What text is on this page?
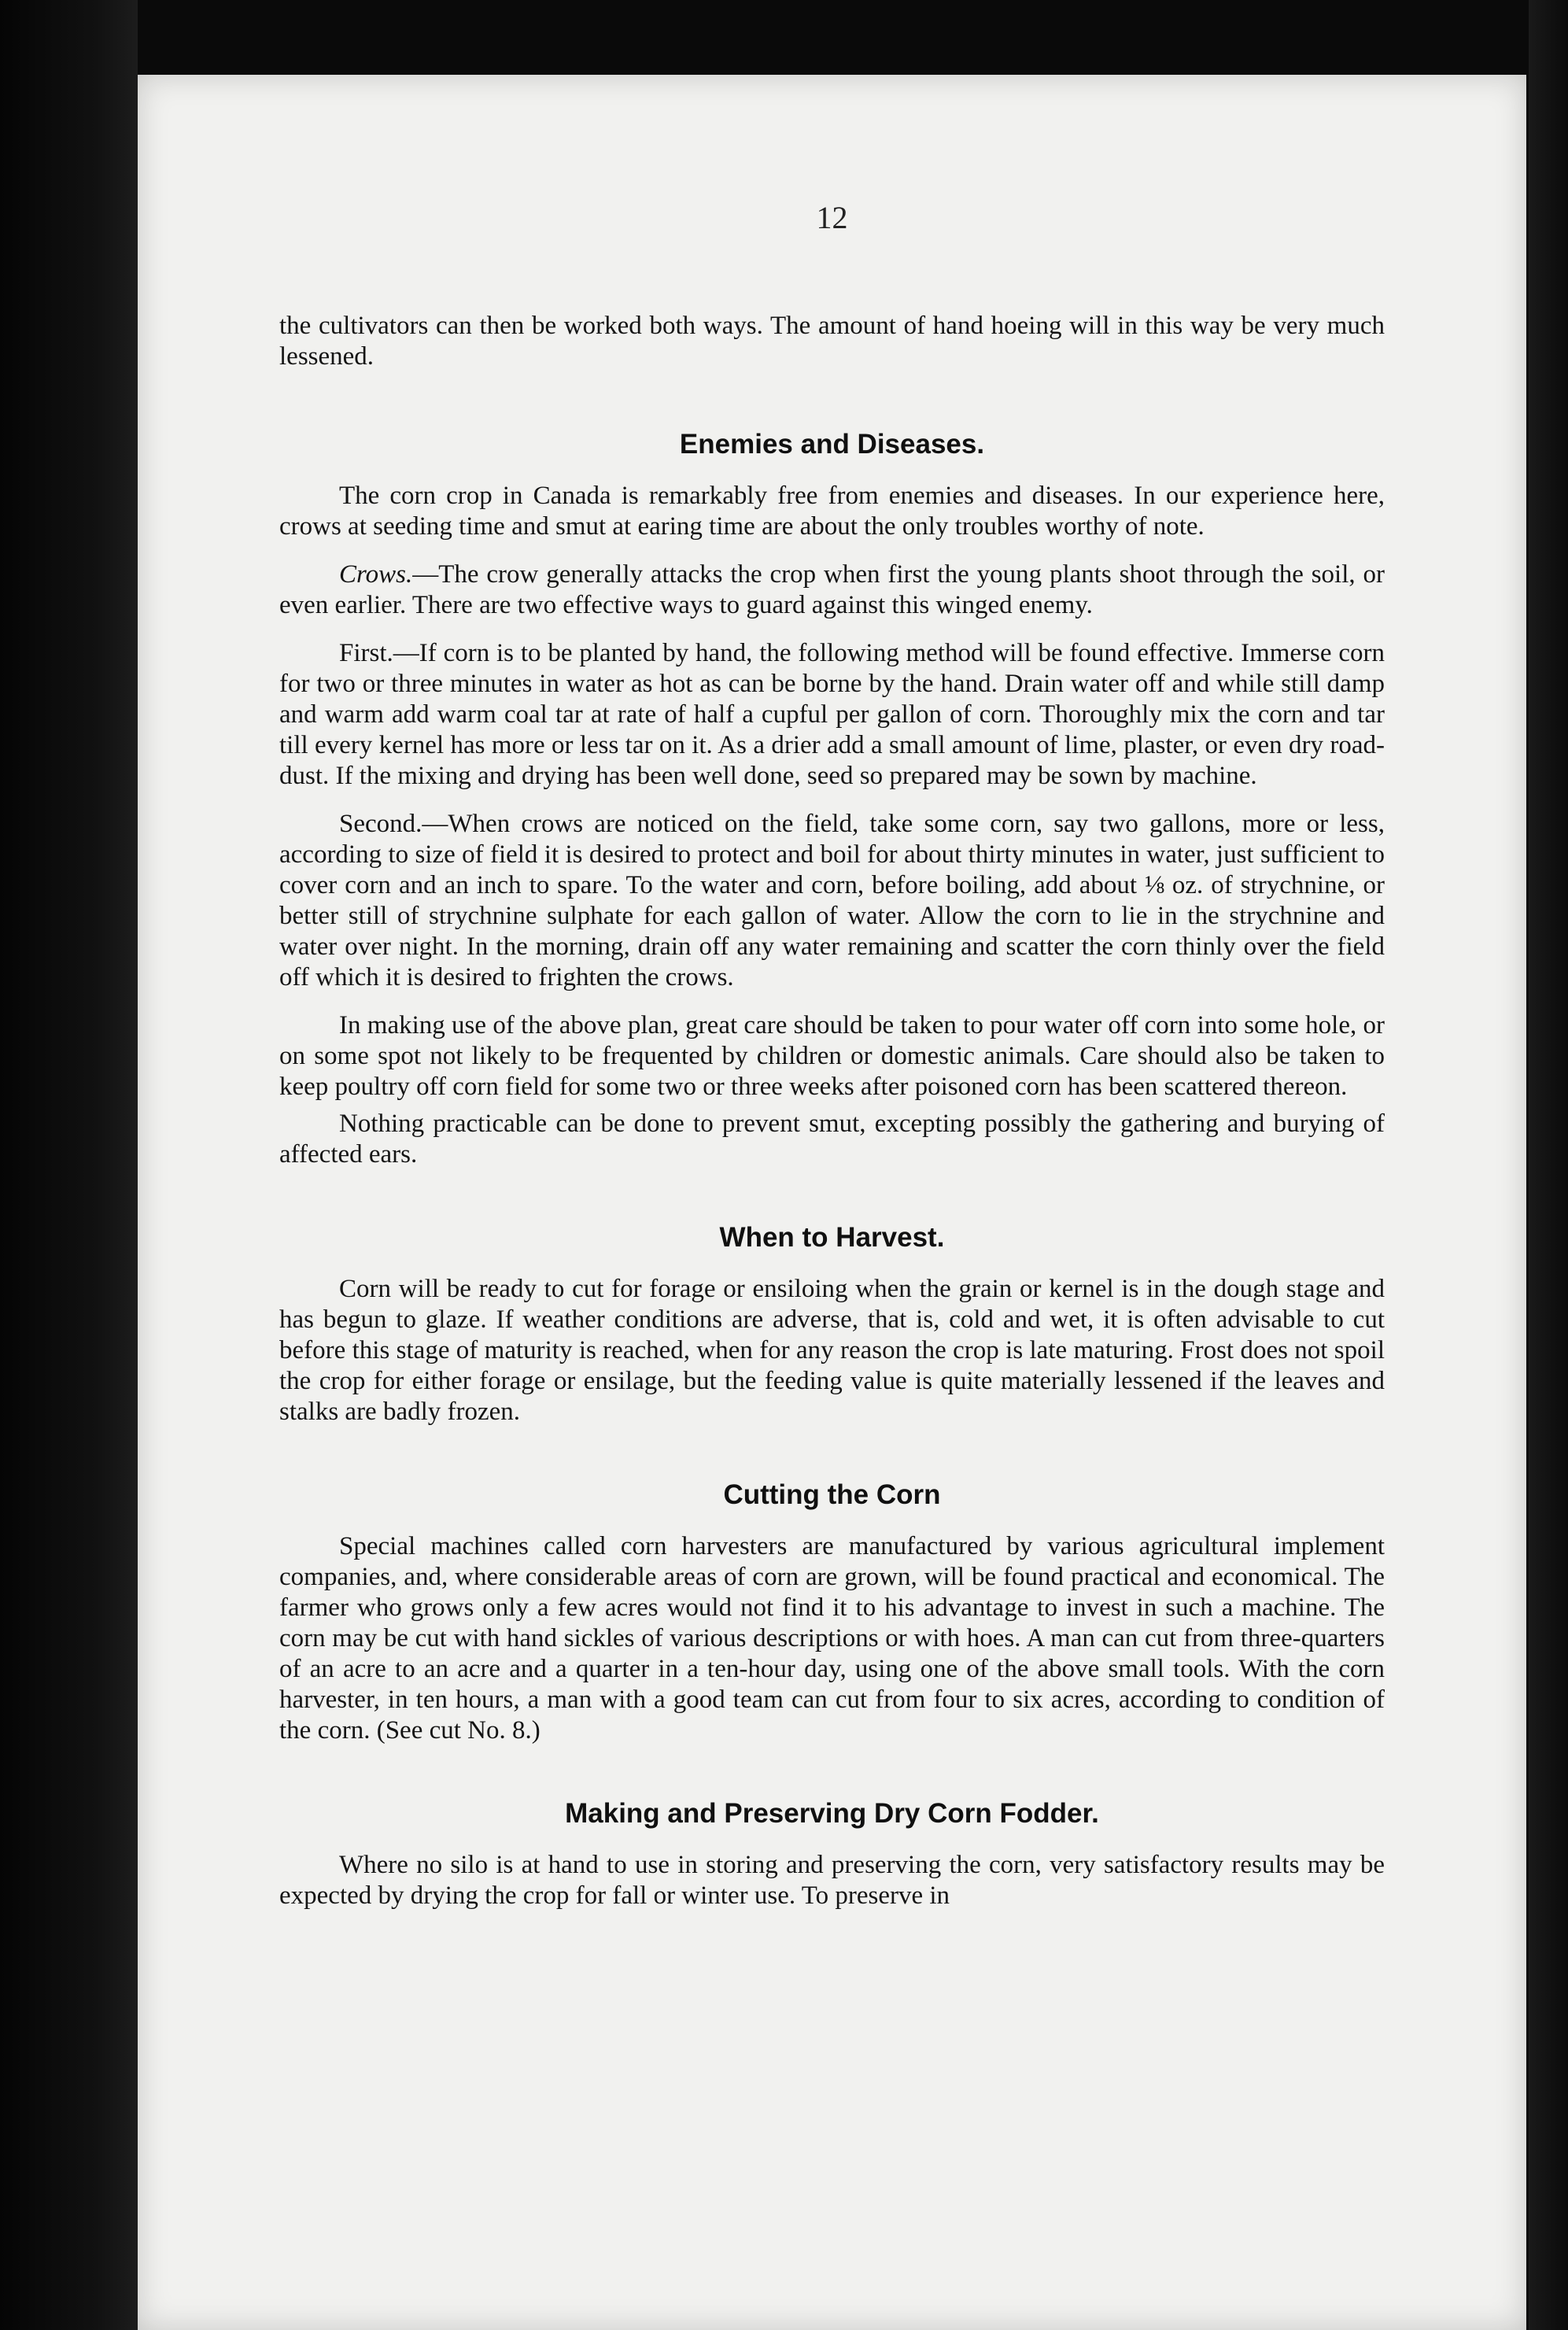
12

the cultivators can then be worked both ways. The amount of hand hoeing will in this way be very much lessened.

Enemies and Diseases.

The corn crop in Canada is remarkably free from enemies and diseases. In our experience here, crows at seeding time and smut at earing time are about the only troubles worthy of note.

Crows.—The crow generally attacks the crop when first the young plants shoot through the soil, or even earlier. There are two effective ways to guard against this winged enemy.

First.—If corn is to be planted by hand, the following method will be found effective. Immerse corn for two or three minutes in water as hot as can be borne by the hand. Drain water off and while still damp and warm add warm coal tar at rate of half a cupful per gallon of corn. Thoroughly mix the corn and tar till every kernel has more or less tar on it. As a drier add a small amount of lime, plaster, or even dry road-dust. If the mixing and drying has been well done, seed so prepared may be sown by machine.

Second.—When crows are noticed on the field, take some corn, say two gallons, more or less, according to size of field it is desired to protect and boil for about thirty minutes in water, just sufficient to cover corn and an inch to spare. To the water and corn, before boiling, add about ⅛ oz. of strychnine, or better still of strychnine sulphate for each gallon of water. Allow the corn to lie in the strychnine and water over night. In the morning, drain off any water remaining and scatter the corn thinly over the field off which it is desired to frighten the crows.

In making use of the above plan, great care should be taken to pour water off corn into some hole, or on some spot not likely to be frequented by children or domestic animals. Care should also be taken to keep poultry off corn field for some two or three weeks after poisoned corn has been scattered thereon.

Nothing practicable can be done to prevent smut, excepting possibly the gathering and burying of affected ears.

When to Harvest.

Corn will be ready to cut for forage or ensiloing when the grain or kernel is in the dough stage and has begun to glaze. If weather conditions are adverse, that is, cold and wet, it is often advisable to cut before this stage of maturity is reached, when for any reason the crop is late maturing. Frost does not spoil the crop for either forage or ensilage, but the feeding value is quite materially lessened if the leaves and stalks are badly frozen.

Cutting the Corn

Special machines called corn harvesters are manufactured by various agricultural implement companies, and, where considerable areas of corn are grown, will be found practical and economical. The farmer who grows only a few acres would not find it to his advantage to invest in such a machine. The corn may be cut with hand sickles of various descriptions or with hoes. A man can cut from three-quarters of an acre to an acre and a quarter in a ten-hour day, using one of the above small tools. With the corn harvester, in ten hours, a man with a good team can cut from four to six acres, according to condition of the corn. (See cut No. 8.)

Making and Preserving Dry Corn Fodder.

Where no silo is at hand to use in storing and preserving the corn, very satisfactory results may be expected by drying the crop for fall or winter use. To preserve in
